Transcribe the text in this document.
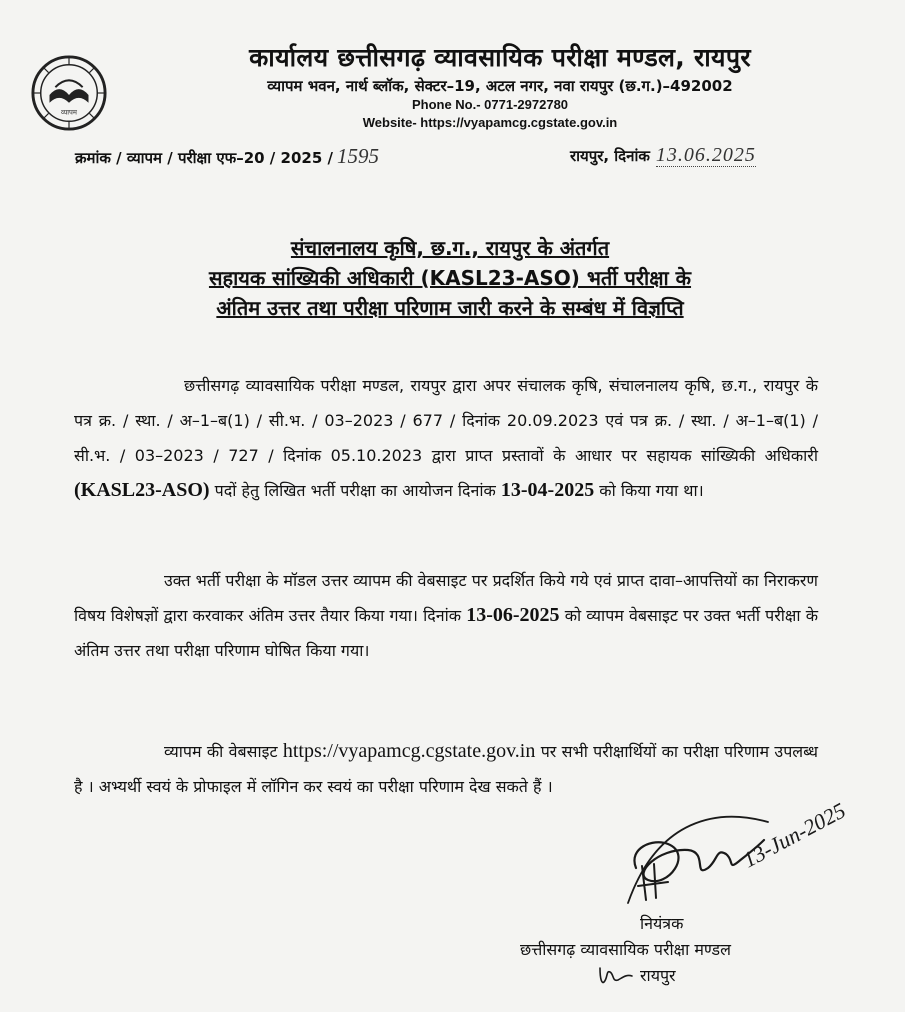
व्यापम
कार्यालय छत्तीसगढ़ व्यावसायिक परीक्षा मण्डल, रायपुर
व्यापम भवन, नार्थ ब्लॉक, सेक्टर–19, अटल नगर, नवा रायपुर (छ.ग.)–492002
Phone No.- 0771-2972780
Website- https://vyapamcg.cgstate.gov.in
क्रमांक / व्यापम / परीक्षा एफ–20 / 2025 / 1595	रायपुर, दिनांक 13.06.2025
संचालनालय कृषि, छ.ग., रायपुर के अंतर्गत
सहायक सांख्यिकी अधिकारी (KASL23-ASO) भर्ती परीक्षा के
अंतिम उत्तर तथा परीक्षा परिणाम जारी करने के सम्बंध में विज्ञप्ति
छत्तीसगढ़ व्यावसायिक परीक्षा मण्डल, रायपुर द्वारा अपर संचालक कृषि, संचालनालय कृषि, छ.ग., रायपुर के पत्र क्र. / स्था. / अ–1–ब(1) / सी.भ. / 03–2023 / 677 / दिनांक 20.09.2023 एवं पत्र क्र. / स्था. / अ–1–ब(1) / सी.भ. / 03–2023 / 727 / दिनांक 05.10.2023 द्वारा प्राप्त प्रस्तावों के आधार पर सहायक सांख्यिकी अधिकारी (KASL23-ASO) पदों हेतु लिखित भर्ती परीक्षा का आयोजन दिनांक 13-04-2025 को किया गया था।
उक्त भर्ती परीक्षा के मॉडल उत्तर व्यापम की वेबसाइट पर प्रदर्शित किये गये एवं प्राप्त दावा–आपत्तियों का निराकरण विषय विशेषज्ञों द्वारा करवाकर अंतिम उत्तर तैयार किया गया। दिनांक 13-06-2025 को व्यापम वेबसाइट पर उक्त भर्ती परीक्षा के अंतिम उत्तर तथा परीक्षा परिणाम घोषित किया गया।
व्यापम की वेबसाइट https://vyapamcg.cgstate.gov.in पर सभी परीक्षार्थियों का परीक्षा परिणाम उपलब्ध है । अभ्यर्थी स्वयं के प्रोफाइल में लॉगिन कर स्वयं का परीक्षा परिणाम देख सकते हैं ।
13-Jun-2025
नियंत्रक
छत्तीसगढ़ व्यावसायिक परीक्षा मण्डल
रायपुर
